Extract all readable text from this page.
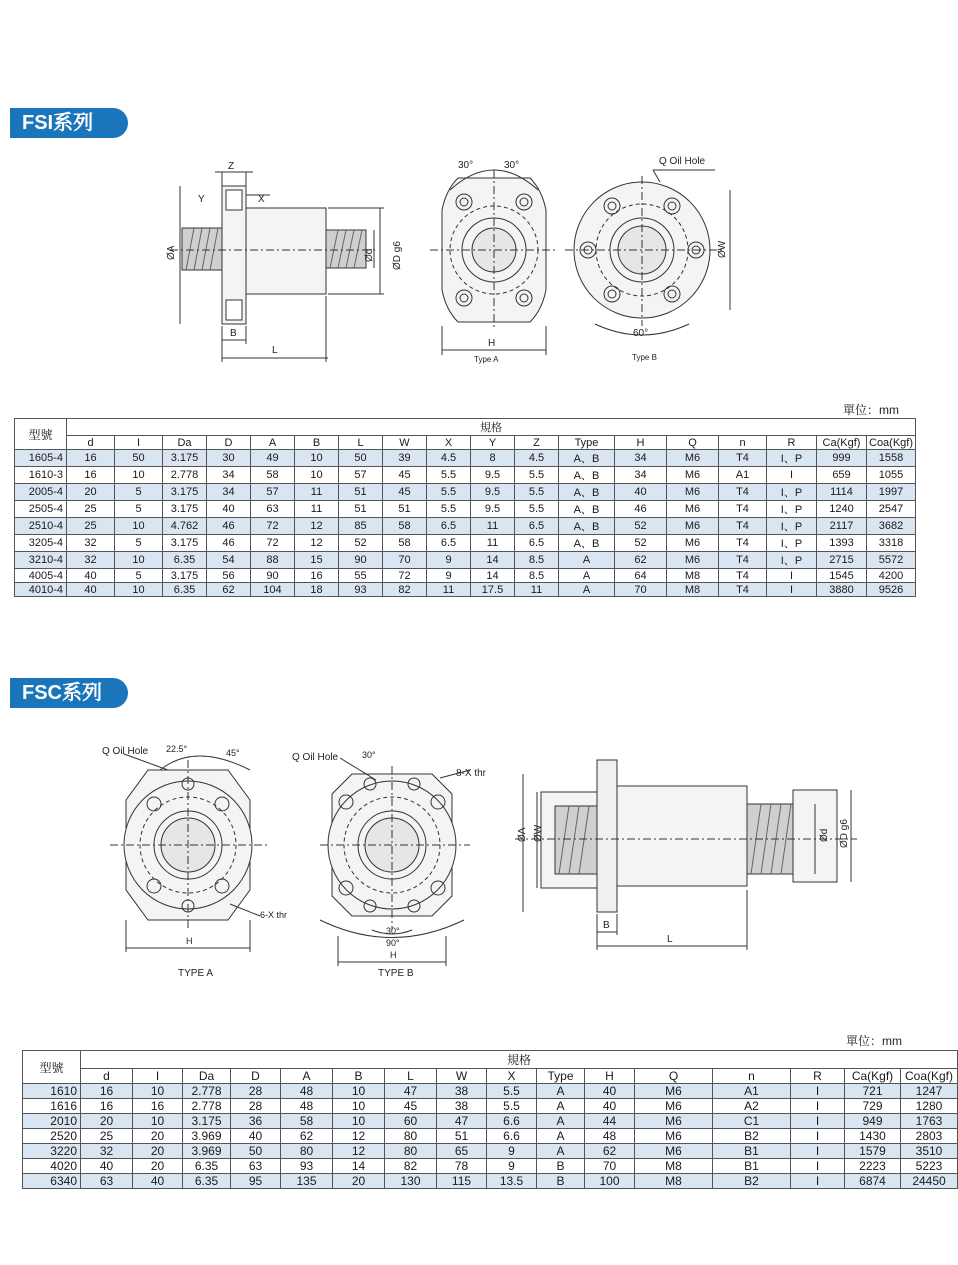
FSI系列
Z
Y	X
ØA	Ød ØD g6
B
L
30°	30°
H
Type A
Q Oil Hole
ØW
60°
Type B
單位：mm
型號	規格																	
	d	I	Da	D	A	B	L	W	X	Y	Z	Type	H	Q	n	R	Ca(Kgf)	Coa(Kgf)
1605-4	16	50	3.175	30	49	10	50	39	4.5	8	4.5	A、B	34	M6	T4	I、P	999	1558
1610-3	16	10	2.778	34	58	10	57	45	5.5	9.5	5.5	A、B	34	M6	A1	I	659	1055
2005-4	20	5	3.175	34	57	11	51	45	5.5	9.5	5.5	A、B	40	M6	T4	I、P	1114	1997
2505-4	25	5	3.175	40	63	11	51	51	5.5	9.5	5.5	A、B	46	M6	T4	I、P	1240	2547
2510-4	25	10	4.762	46	72	12	85	58	6.5	11	6.5	A、B	52	M6	T4	I、P	2117	3682
3205-4	32	5	3.175	46	72	12	52	58	6.5	11	6.5	A、B	52	M6	T4	I、P	1393	3318
3210-4	32	10	6.35	54	88	15	90	70	9	14	8.5	A	62	M6	T4	I、P	2715	5572
4005-4	40	5	3.175	56	90	16	55	72	9	14	8.5	A	64	M8	T4	I	1545	4200
4010-4	40	10	6.35	62	104	18	93	82	11	17.5	11	A	70	M8	T4	I	3880	9526
FSC系列
Q Oil Hole 22.5°	45°
6-X thr
H
TYPE A
Q Oil Hole	30°
8-X thr
30°
90°
H
TYPE B
ØA ØW	Ød ØD g6
B
L
單位：mm
型號	規格															
	d	I	Da	D	A	B	L	W	X	Type	H	Q	n	R	Ca(Kgf)	Coa(Kgf)
1610	16	10	2.778	28	48	10	47	38	5.5	A	40	M6	A1	I	721	1247
1616	16	16	2.778	28	48	10	45	38	5.5	A	40	M6	A2	I	729	1280
2010	20	10	3.175	36	58	10	60	47	6.6	A	44	M6	C1	I	949	1763
2520	25	20	3.969	40	62	12	80	51	6.6	A	48	M6	B2	I	1430	2803
3220	32	20	3.969	50	80	12	80	65	9	A	62	M6	B1	I	1579	3510
4020	40	20	6.35	63	93	14	82	78	9	B	70	M8	B1	I	2223	5223
6340	63	40	6.35	95	135	20	130	115	13.5	B	100	M8	B2	I	6874	24450
